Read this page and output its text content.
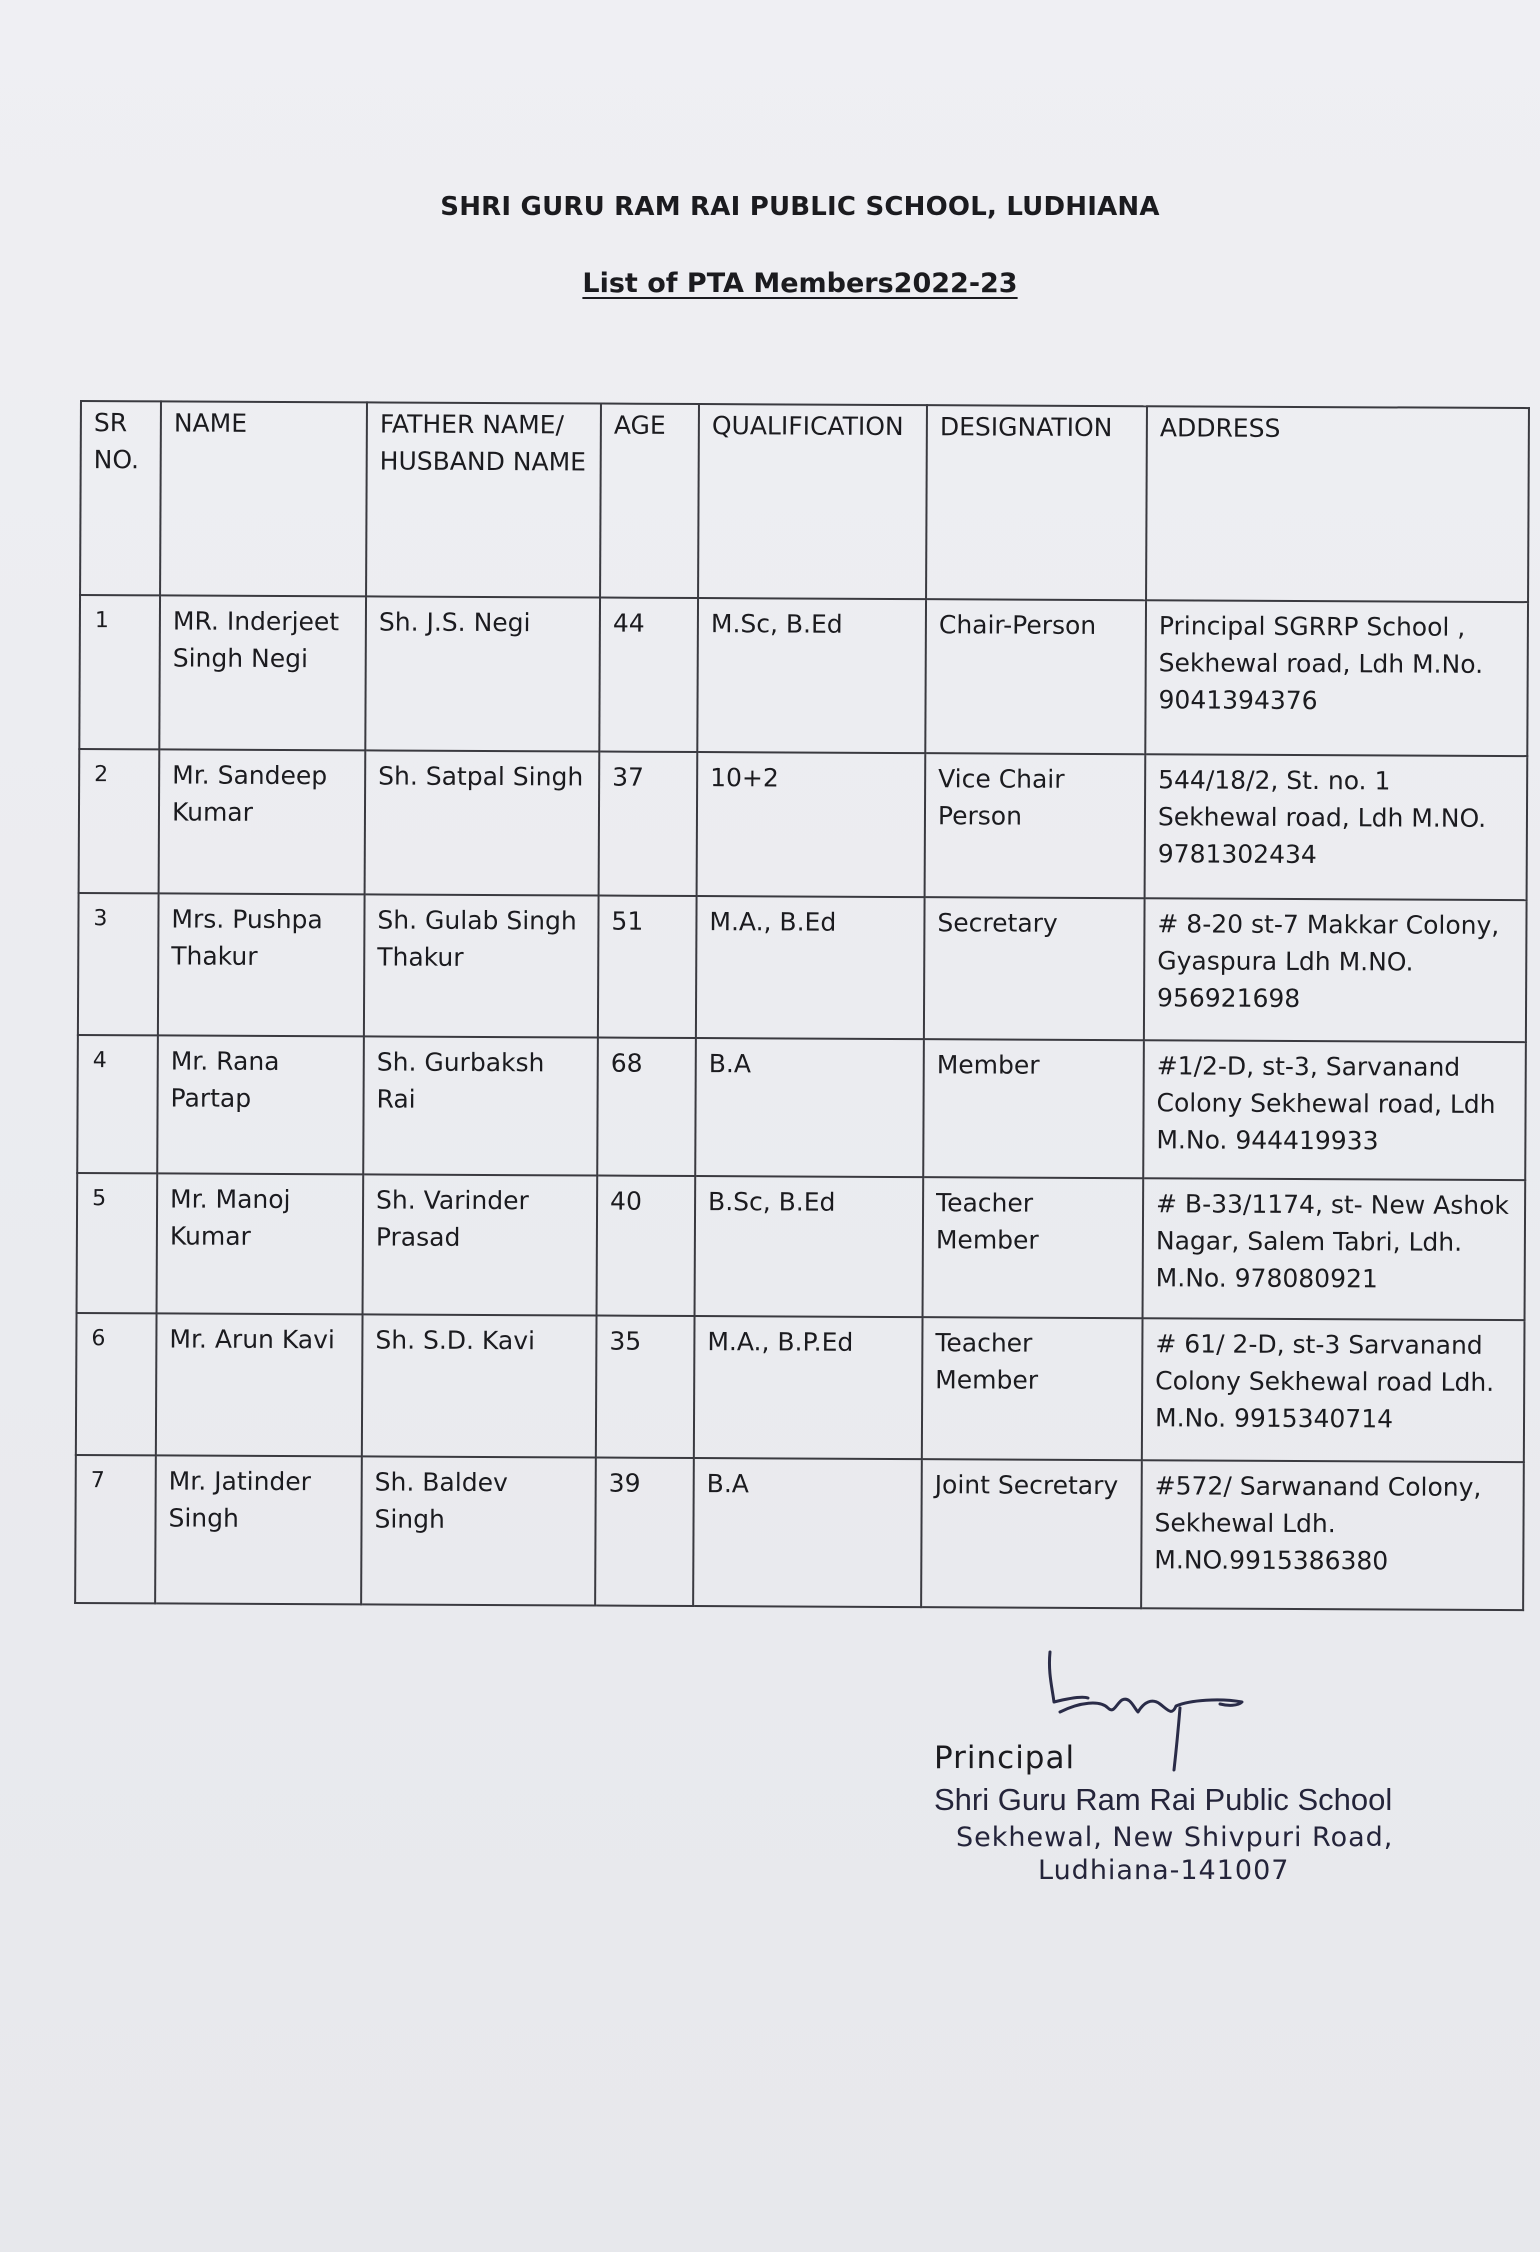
SHRI GURU RAM RAI PUBLIC SCHOOL, LUDHIANA
List of PTA Members2022-23
SR NO.	NAME	FATHER NAME/ HUSBAND NAME	AGE	QUALIFICATION	DESIGNATION	ADDRESS
1	MR. Inderjeet Singh Negi	Sh. J.S. Negi	44	M.Sc, B.Ed	Chair-Person	Principal SGRRP School , Sekhewal road, Ldh M.No. 9041394376
2	Mr. Sandeep Kumar	Sh. Satpal Singh	37	10+2	Vice Chair Person	544/18/2, St. no. 1 Sekhewal road, Ldh M.NO. 9781302434
3	Mrs. Pushpa Thakur	Sh. Gulab Singh Thakur	51	M.A., B.Ed	Secretary	# 8-20 st-7 Makkar Colony, Gyaspura Ldh M.NO. 956921698
4	Mr. Rana Partap	Sh. Gurbaksh Rai	68	B.A	Member	#1/2-D, st-3, Sarvanand Colony Sekhewal road, Ldh M.No. 944419933
5	Mr. Manoj Kumar	Sh. Varinder Prasad	40	B.Sc, B.Ed	Teacher Member	# B-33/1174, st- New Ashok Nagar, Salem Tabri, Ldh. M.No. 978080921
6	Mr. Arun Kavi	Sh. S.D. Kavi	35	M.A., B.P.Ed	Teacher Member	# 61/ 2-D, st-3 Sarvanand Colony Sekhewal road Ldh. M.No. 9915340714
7	Mr. Jatinder Singh	Sh. Baldev Singh	39	B.A	Joint Secretary	#572/ Sarwanand Colony, Sekhewal Ldh. M.NO.9915386380
Principal
Shri Guru Ram Rai Public School
Sekhewal, New Shivpuri Road,
Ludhiana-141007
